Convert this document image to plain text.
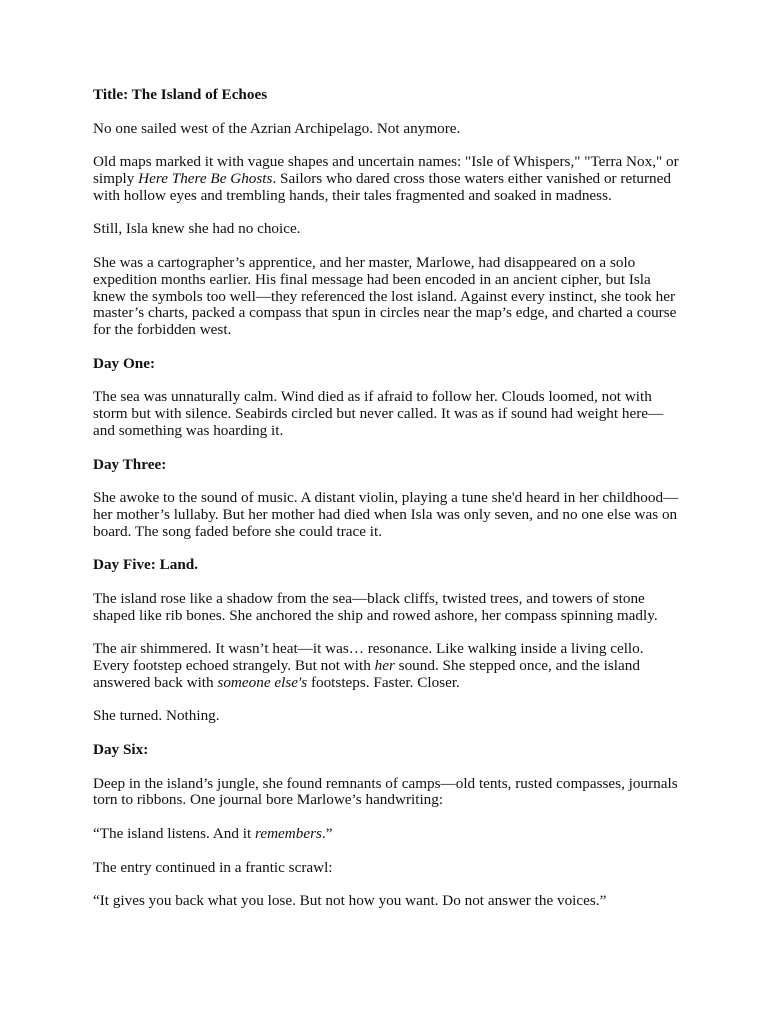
Title: The Island of Echoes

No one sailed west of the Azrian Archipelago. Not anymore.

Old maps marked it with vague shapes and uncertain names: "Isle of Whispers," "Terra Nox," or simply Here There Be Ghosts. Sailors who dared cross those waters either vanished or returned with hollow eyes and trembling hands, their tales fragmented and soaked in madness.

Still, Isla knew she had no choice.

She was a cartographer’s apprentice, and her master, Marlowe, had disappeared on a solo expedition months earlier. His final message had been encoded in an ancient cipher, but Isla knew the symbols too well—they referenced the lost island. Against every instinct, she took her master’s charts, packed a compass that spun in circles near the map’s edge, and charted a course for the forbidden west.

Day One:

The sea was unnaturally calm. Wind died as if afraid to follow her. Clouds loomed, not with storm but with silence. Seabirds circled but never called. It was as if sound had weight here—and something was hoarding it.

Day Three:

She awoke to the sound of music. A distant violin, playing a tune she'd heard in her childhood—her mother’s lullaby. But her mother had died when Isla was only seven, and no one else was on board. The song faded before she could trace it.

Day Five: Land.

The island rose like a shadow from the sea—black cliffs, twisted trees, and towers of stone shaped like rib bones. She anchored the ship and rowed ashore, her compass spinning madly.

The air shimmered. It wasn’t heat—it was… resonance. Like walking inside a living cello. Every footstep echoed strangely. But not with her sound. She stepped once, and the island answered back with someone else's footsteps. Faster. Closer.

She turned. Nothing.

Day Six:

Deep in the island’s jungle, she found remnants of camps—old tents, rusted compasses, journals torn to ribbons. One journal bore Marlowe’s handwriting:

“The island listens. And it remembers.”

The entry continued in a frantic scrawl:

“It gives you back what you lose. But not how you want. Do not answer the voices.”
